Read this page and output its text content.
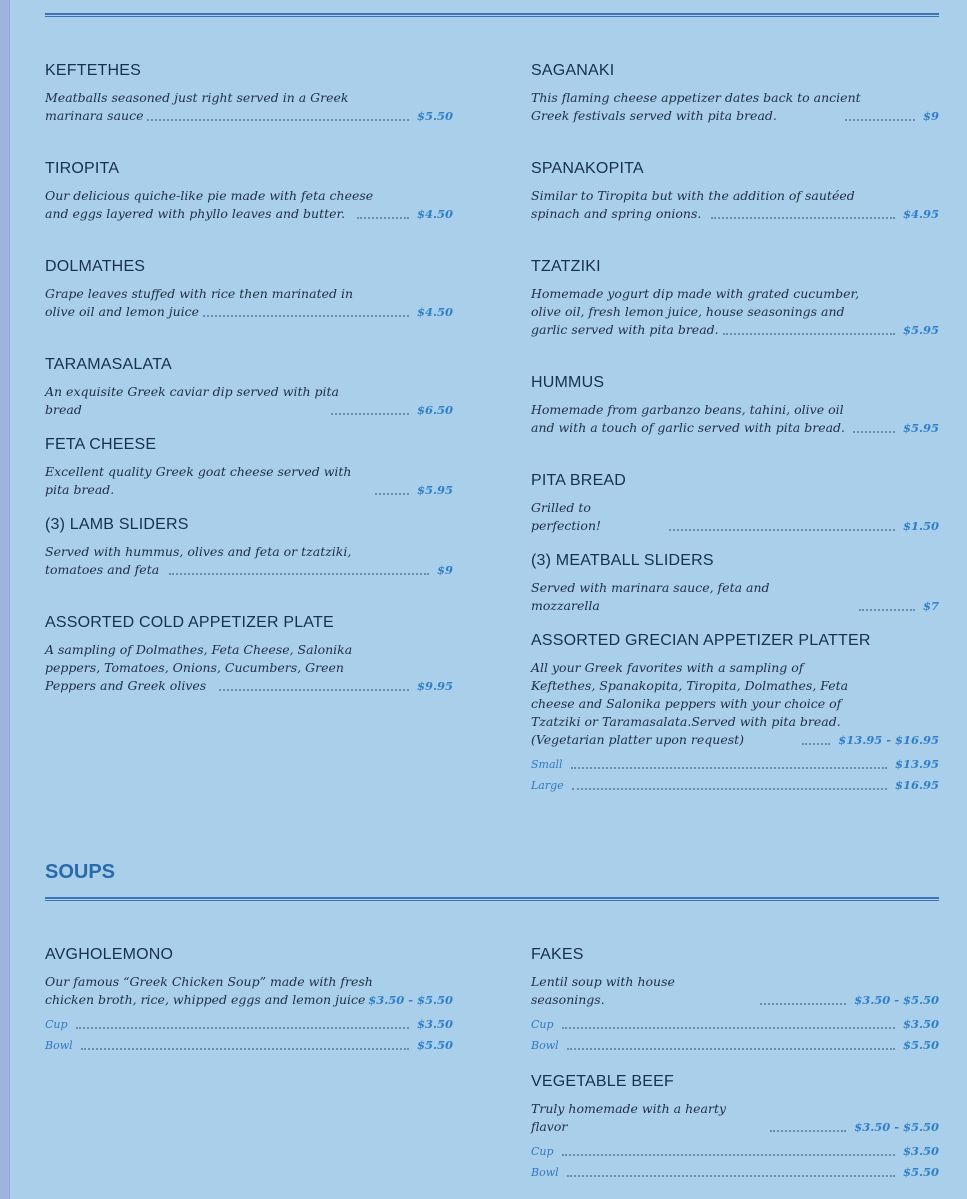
KEFTETHES
Meatballs seasoned just right served in a Greek marinara sauce	$5.50
TIROPITA
Our delicious quiche-like pie made with feta cheese and eggs layered with phyllo leaves and butter.	$4.50
DOLMATHES
Grape leaves stuffed with rice then marinated in olive oil and lemon juice	$4.50
TARAMASALATA
An exquisite Greek caviar dip served with pita bread	$6.50
FETA CHEESE
Excellent quality Greek goat cheese served with pita bread.	$5.95
(3) LAMB SLIDERS
Served with hummus, olives and feta or tzatziki, tomatoes and feta	$9
ASSORTED COLD APPETIZER PLATE
A sampling of Dolmathes, Feta Cheese, Salonika peppers, Tomatoes, Onions, Cucumbers, Green Peppers and Greek olives	$9.95
SAGANAKI
This flaming cheese appetizer dates back to ancient Greek festivals served with pita bread.	$9
SPANAKOPITA
Similar to Tiropita but with the addition of sautéed spinach and spring onions.	$4.95
TZATZIKI
Homemade yogurt dip made with grated cucumber, olive oil, fresh lemon juice, house seasonings and garlic served with pita bread.	$5.95
HUMMUS
Homemade from garbanzo beans, tahini, olive oil and with a touch of garlic served with pita bread.	$5.95
PITA BREAD
Grilled to perfection!	$1.50
(3) MEATBALL SLIDERS
Served with marinara sauce, feta and mozzarella	$7
ASSORTED GRECIAN APPETIZER PLATTER
All your Greek favorites with a sampling of Keftethes, Spanakopita, Tiropita, Dolmathes, Feta cheese and Salonika peppers with your choice of Tzatziki or Taramasalata.Served with pita bread. (Vegetarian platter upon request)	$13.95 - $16.95
Small	$13.95
Large	$16.95
SOUPS
AVGHOLEMONO
Our famous “Greek Chicken Soup” made with fresh chicken broth, rice, whipped eggs and lemon juice $3.50 - $5.50
Cup	$3.50
Bowl	$5.50
FAKES
Lentil soup with house seasonings.	$3.50 - $5.50
Cup	$3.50
Bowl	$5.50
VEGETABLE BEEF
Truly homemade with a hearty flavor	$3.50 - $5.50
Cup	$3.50
Bowl	$5.50
